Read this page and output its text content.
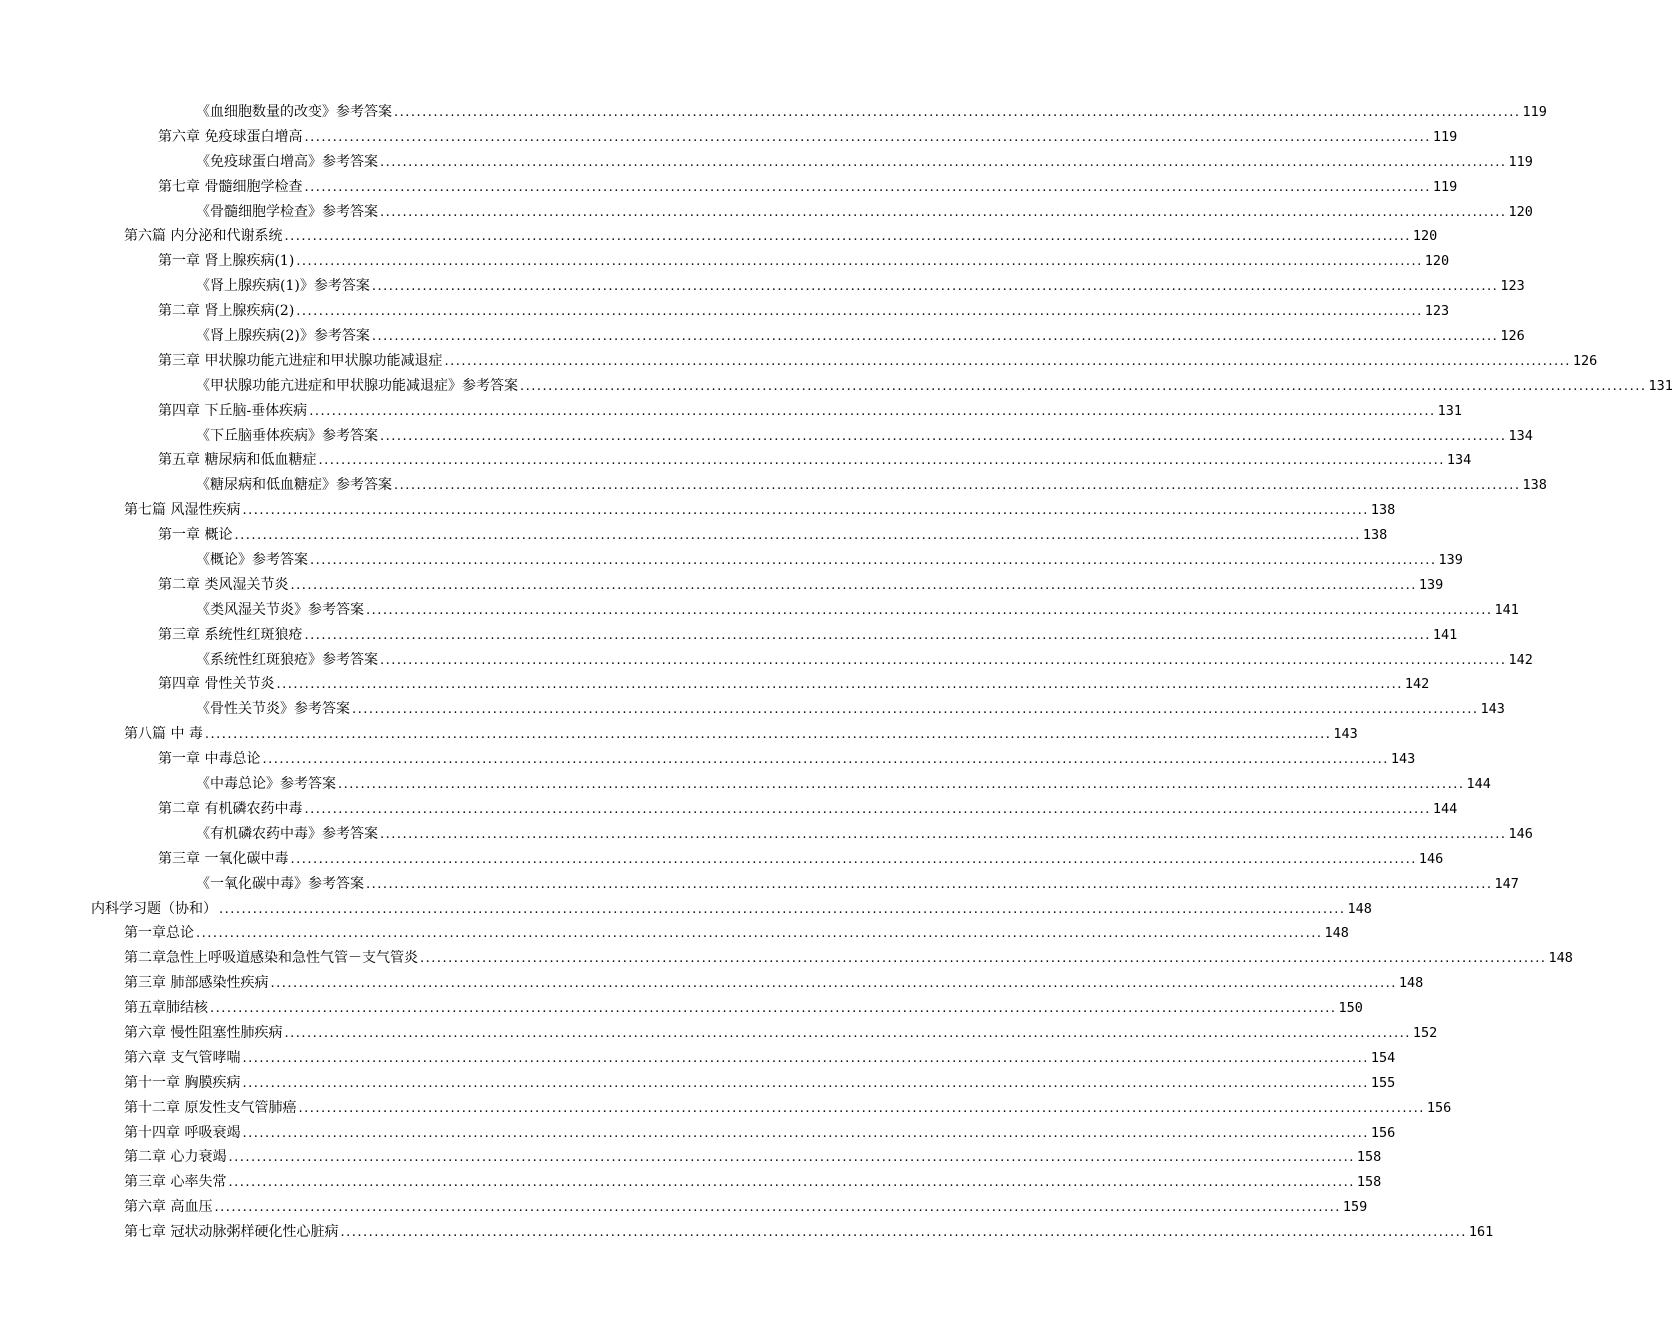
《血细胞数量的改变》参考答案 ........................................................................................................................................................................................................ 119
第六章 免疫球蛋白增高 ........................................................................................................................................................................................................ 119
《免疫球蛋白增高》参考答案 ........................................................................................................................................................................................................ 119
第七章 骨髓细胞学检查 ........................................................................................................................................................................................................ 119
《骨髓细胞学检查》参考答案 ........................................................................................................................................................................................................ 120
第六篇 内分泌和代谢系统 ........................................................................................................................................................................................................ 120
第一章 肾上腺疾病(1) ........................................................................................................................................................................................................ 120
《肾上腺疾病(1)》参考答案 ........................................................................................................................................................................................................ 123
第二章 肾上腺疾病(2) ........................................................................................................................................................................................................ 123
《肾上腺疾病(2)》参考答案 ........................................................................................................................................................................................................ 126
第三章 甲状腺功能亢进症和甲状腺功能减退症 ........................................................................................................................................................................................................ 126
《甲状腺功能亢进症和甲状腺功能减退症》参考答案 ........................................................................................................................................................................................................ 131
第四章 下丘脑-垂体疾病 ........................................................................................................................................................................................................ 131
《下丘脑垂体疾病》参考答案 ........................................................................................................................................................................................................ 134
第五章 糖尿病和低血糖症 ........................................................................................................................................................................................................ 134
《糖尿病和低血糖症》参考答案 ........................................................................................................................................................................................................ 138
第七篇 风湿性疾病 ........................................................................................................................................................................................................ 138
第一章 概论 ........................................................................................................................................................................................................ 138
《概论》参考答案 ........................................................................................................................................................................................................ 139
第二章 类风湿关节炎 ........................................................................................................................................................................................................ 139
《类风湿关节炎》参考答案 ........................................................................................................................................................................................................ 141
第三章 系统性红斑狼疮 ........................................................................................................................................................................................................ 141
《系统性红斑狼疮》参考答案 ........................................................................................................................................................................................................ 142
第四章 骨性关节炎 ........................................................................................................................................................................................................ 142
《骨性关节炎》参考答案 ........................................................................................................................................................................................................ 143
第八篇 中 毒 ........................................................................................................................................................................................................ 143
第一章 中毒总论 ........................................................................................................................................................................................................ 143
《中毒总论》参考答案 ........................................................................................................................................................................................................ 144
第二章 有机磷农药中毒 ........................................................................................................................................................................................................ 144
《有机磷农药中毒》参考答案 ........................................................................................................................................................................................................ 146
第三章 一氧化碳中毒 ........................................................................................................................................................................................................ 146
《一氧化碳中毒》参考答案 ........................................................................................................................................................................................................ 147
内科学习题（协和） ........................................................................................................................................................................................................ 148
第一章总论 ........................................................................................................................................................................................................ 148
第二章急性上呼吸道感染和急性气管－支气管炎 ........................................................................................................................................................................................................ 148
第三章 肺部感染性疾病 ........................................................................................................................................................................................................ 148
第五章肺结核 ........................................................................................................................................................................................................ 150
第六章 慢性阻塞性肺疾病 ........................................................................................................................................................................................................ 152
第六章 支气管哮喘 ........................................................................................................................................................................................................ 154
第十一章 胸膜疾病 ........................................................................................................................................................................................................ 155
第十二章 原发性支气管肺癌 ........................................................................................................................................................................................................ 156
第十四章 呼吸衰竭 ........................................................................................................................................................................................................ 156
第二章 心力衰竭 ........................................................................................................................................................................................................ 158
第三章 心率失常 ........................................................................................................................................................................................................ 158
第六章 高血压 ........................................................................................................................................................................................................ 159
第七章 冠状动脉粥样硬化性心脏病 ........................................................................................................................................................................................................ 161
